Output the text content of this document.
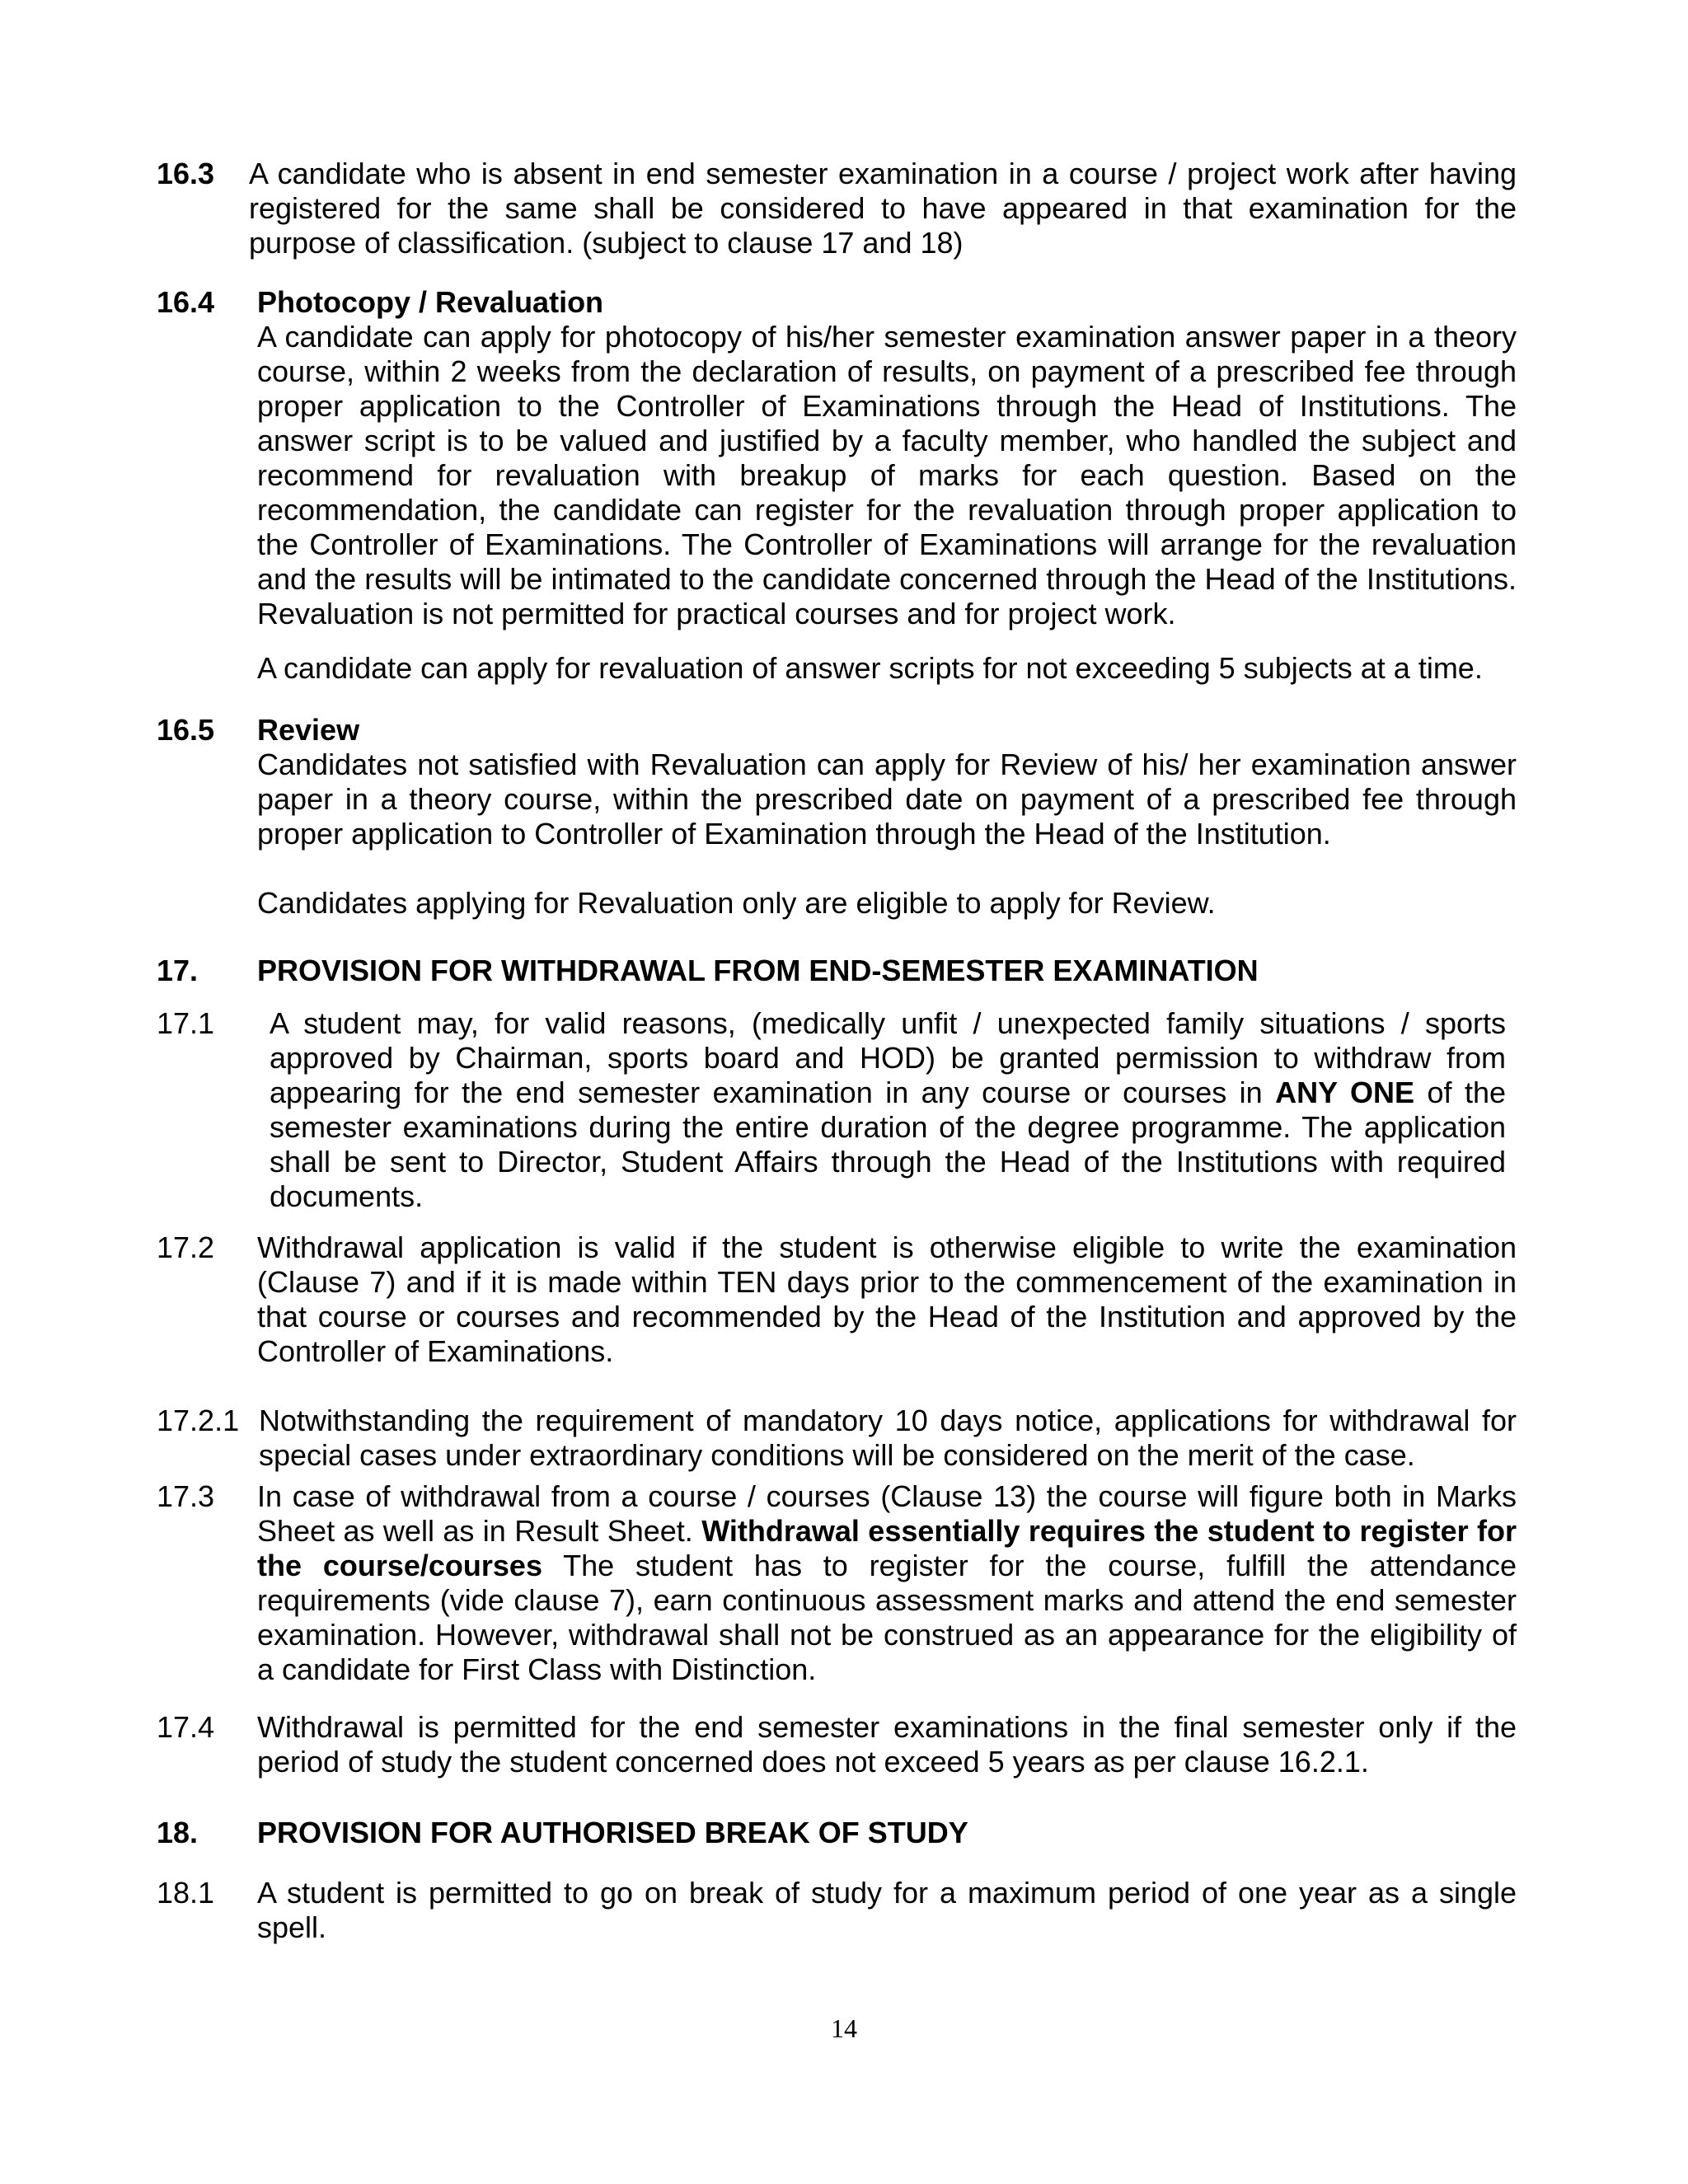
16.3 A candidate who is absent in end semester examination in a course / project work after having registered for the same shall be considered to have appeared in that examination for the purpose of classification. (subject to clause 17 and 18)

16.4 Photocopy / Revaluation

A candidate can apply for photocopy of his/her semester examination answer paper in a theory course, within 2 weeks from the declaration of results, on payment of a prescribed fee through proper application to the Controller of Examinations through the Head of Institutions. The answer script is to be valued and justified by a faculty member, who handled the subject and recommend for revaluation with breakup of marks for each question. Based on the recommendation, the candidate can register for the revaluation through proper application to the Controller of Examinations. The Controller of Examinations will arrange for the revaluation and the results will be intimated to the candidate concerned through the Head of the Institutions. Revaluation is not permitted for practical courses and for project work.

A candidate can apply for revaluation of answer scripts for not exceeding 5 subjects at a time.

16.5 Review

Candidates not satisfied with Revaluation can apply for Review of his/ her examination answer paper in a theory course, within the prescribed date on payment of a prescribed fee through proper application to Controller of Examination through the Head of the Institution.

Candidates applying for Revaluation only are eligible to apply for Review.

17. PROVISION FOR WITHDRAWAL FROM END-SEMESTER EXAMINATION

17.1 A student may, for valid reasons, (medically unfit / unexpected family situations / sports approved by Chairman, sports board and HOD) be granted permission to withdraw from appearing for the end semester examination in any course or courses in ANY ONE of the semester examinations during the entire duration of the degree programme. The application shall be sent to Director, Student Affairs through the Head of the Institutions with required documents.

17.2 Withdrawal application is valid if the student is otherwise eligible to write the examination (Clause 7) and if it is made within TEN days prior to the commencement of the examination in that course or courses and recommended by the Head of the Institution and approved by the Controller of Examinations.

17.2.1 Notwithstanding the requirement of mandatory 10 days notice, applications for withdrawal for special cases under extraordinary conditions will be considered on the merit of the case.

17.3 In case of withdrawal from a course / courses (Clause 13) the course will figure both in Marks Sheet as well as in Result Sheet. Withdrawal essentially requires the student to register for the course/courses The student has to register for the course, fulfill the attendance requirements (vide clause 7), earn continuous assessment marks and attend the end semester examination. However, withdrawal shall not be construed as an appearance for the eligibility of a candidate for First Class with Distinction.

17.4 Withdrawal is permitted for the end semester examinations in the final semester only if the period of study the student concerned does not exceed 5 years as per clause 16.2.1.

18. PROVISION FOR AUTHORISED BREAK OF STUDY

18.1 A student is permitted to go on break of study for a maximum period of one year as a single spell.

14
